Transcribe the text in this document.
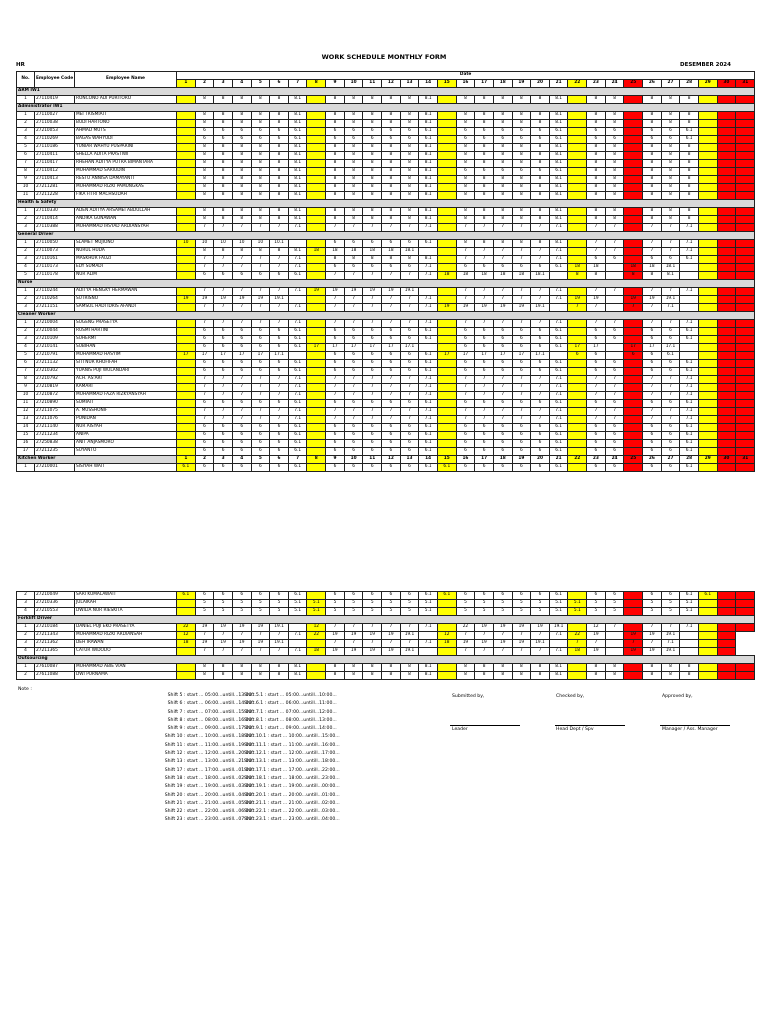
WORK SCHEDULE MONTHLY FORM
HR	DESEMBER 2024
No.	Employee Code	Employee Name	Date																														
			1	2	3	4	5	6	7	8	9	10	11	12	13	14	15	16	17	18	19	20	21	22	23	24	25	26	27	28	29	30	31
ARM IW1																																	
1	27110419	RONCONO ADI PURITORO		8	8	8	8	8	8.1		8	8	8	8	8	8.1		8	8	8	8	8	8.1		8	8		8	8	8			
Administrator IW1																																	
1	27110027	MEI TRISMIATI		8	8	8	8	8	8.1		8	8	8	8	8	8.1		8	8	8	8	8	8.1		8	8		8	8	8			
2	27110038	BUDI HARTONO		8	8	8	8	8	8.1		8	8	8	8	8	8.1		8	8	8	8	8	8.1		8	8		8	8	8			
3	27210053	AHMAD MUTS		6	6	6	6	6	6.1		6	6	6	6	6	6.1		6	6	6	6	6	6.1		6	6		6	6	6.1			
4	27110269	BAGAS WAHYUDI		6	6	6	6	6	6.1		6	6	6	6	6	6.1		6	6	6	6	6	6.1		6	6		6	6	6.1			
5	27110186	YUNIAR WAHYU PUSPARINI		8	8	8	8	8	8.1		8	8	8	8	8	8.1		8	8	8	8	8	8.1		8	8		8	8	8			
6	27110411	SHELLA ADITA PRASTIWI		8	8	8	8	8	8.1		8	8	8	8	8	8.1		8	8	8	8	8	8.1		8	8		8	8	8			
7	27110417	RHEHAN ADITYA PUTRA BIMANTARA		8	8	8	8	8	8.1		8	8	8	8	8	8.1		8	8	8	8	8	8.1		8	8		8	8	8			
8	27110412	MUHAMMAD SARIUDIN		8	8	8	8	8	8.1		8	8	8	8	8	8.1		6	6	6	6	6	6.1		8	8		8	8	8			
9	27110413	RESTU ANNISA DAMAYANTI		8	8	8	8	8	8.1		8	8	8	8	8	8.1		8	8	8	8	8	8.1		8	8		8	8	8			
10	27211281	MUHAMMAD RIZKI PAMUNGKAS		8	8	8	8	8	8.1		8	8	8	8	8	8.1		8	8	8	8	8	8.1		8	8		8	8	8			
11	27211228	FIKA FITRI MACHSUDAH		8	8	8	8	8	8.1		8	8	8	8	8	8.1		8	8	8	8	8	8.1		8	8		8	8	8			
Health & Safety																																	
1	27110330	ADEN ADITYA ARSAMEI ABDULLAH		8	8	8	8	8	8.1		8	8	8	8	8	8.1		8	8	8	8	8	8.1		8	8		8	8	8			
2	27110414	ANDIKA GUNAWAN		8	8	8	8	8	8.1		8	8	8	8	8	8.1		8	8	8	8	8	8.1		8	8		8	8	8			
3	27110388	MUHAMMAD IRSYAD ARDIANSYAH		7	7	7	7	7	7.1		7	7	7	7	7	7.1		7	7	7	7	7	7.1		7	7		7	7	7.1			
General Driver																																	
1	27110050	SLAMET MUJIONO	10	10	10	10	10	10.1			6	6	6	6	6	6.1		8	8	8	8	8	8.1		7	7		7	7	7.1			
2	27110073	NURUL HUDA		8	8	8	8	8	8.1	18	18	18	18	18	18.1			7	7	7	7	7	7.1		7	7		7	7	7.1			
3	27110161	MASKHUR FAUZI		7	7	7	7	7	7.1		8	8	8	8	8	8.1		7	7	7	7	7	7.1		6	6		6	6	6.1			
4	27110173	EDY SUMADI		7	7	7	7	7	7.1		6	6	6	6	6	7.1		6	6	6	6	6	6.1	18	18		18	18	18.1				
5	27110178	NUR ALIM		6	6	6	6	6	6.1		7	7	7	7	7	7.1	18	18	18	18	18	18.1		8	8		8	8	8.1				
Nurse																																	
1	27110244	ADITYA HENGKY HERMAWAN		7	7	7	7	7	7.1	19	19	19	19	19	19.1			7	7	7	7	7	7.1		7	7		7	7	7.1			
2	27110264	SUTRISNO	19	19	19	19	19	19.1			7	7	7	7	7	7.1		7	7	7	7	7	7.1	19	19		19	19	19.1				
3	27211151	SAMSUL HADI IDRIS AFANDI		7	7	7	7	7	7.1		7	7	7	7	7	7.1	19	19	19	19	19	19.1		7	7		7	7	7.1				
Cleaner Worker																																	
1	27210004	SUGENG PRASETYA		7	7	7	7	7	7.1		7	7	7	7	7	7.1		7	7	7	7	7	7.1		7	7		7	7	7.1			
2	27210044	RUSMI HARTINI		6	6	6	6	6	6.1		6	6	6	6	6	6.1		6	6	6	6	6	6.1		6	6		6	6	6.1			
3	27210109	SUHERMI		6	6	6	6	6	6.1		6	6	6	6	6	6.1		6	6	6	6	6	6.1		6	6		6	6	6.1			
4	27210141	SUBIHAN		6	6	6	6	6	6.1	17	17	17	17	17	17.1			6	6	6	6	6	6.1	17	17		17	17	17.1				
5	27210791	MUHAMMAD HASYIM	17	17	17	17	17	17.1			6	6	6	6	6	6.1	17	17	17	17	17	17.1		6	6		6	6	6.1				
6	27211132	SITI NUR KHOFIFAH		6	6	6	6	6	6.1		6	6	6	6	6	6.1		6	6	6	6	6	6.1		6	6		6	6	6.1			
7	27210302	YUANIS PUJI WULANDARI		6	6	6	6	6	6.1		6	6	6	6	6	6.1		6	6	6	6	6	6.1		6	6		6	6	6.1			
8	27210792	ACH. AS'ARI		7	7	7	7	7	7.1		7	7	7	7	7	7.1		7	7	7	7	7	7.1		7	7		7	7	7.1			
9	27210819	KAMARI		7	7	7	7	7	7.1		7	7	7	7	7	7.1		7	7	7	7	7	7.1		7	7		7	7	7.1			
10	27210872	MUHAMMAD FAZA RIZKYANSYAH		7	7	7	7	7	7.1		7	7	7	7	7	7.1		7	7	7	7	7	7.1		7	7		7	7	7.1			
11	27210890	SUMIATI		6	6	6	6	6	6.1		6	6	6	6	6	6.1		6	6	6	6	6	6.1		6	6		6	6	6.1			
12	27211075	A. MUSSHONIF		7	7	7	7	7	7.1		7	7	7	7	7	7.1		7	7	7	7	7	7.1		7	7		7	7	7.1			
13	27211076	PONIDAN		7	7	7	7	7	7.1		7	7	7	7	7	7.1		7	7	7	7	7	7.1		7	7		7	7	7.1			
14	27211140	NUR AISYAH		6	6	6	6	6	6.1		6	6	6	6	6	6.1		6	6	6	6	6	6.1		6	6		6	6	6.1			
15	27211234	ANIPA		6	6	6	6	6	6.1		6	6	6	6	6	6.1		6	6	6	6	6	6.1		6	6		6	6	6.1			
16	27250838	ANIT ANJASMORO		6	6	6	6	6	6.1		6	6	6	6	6	6.1		6	6	6	6	6	6.1		6	6		6	6	6.1			
17	27211235	SUYANTO		6	6	6	6	6	6.1		6	6	6	6	6	6.1		6	6	6	6	6	6.1		6	6		6	6	6.1			
Kitchen Worker			1	2	3	4	5	6	7	8	9	10	11	12	13	14	15	16	17	18	19	20	21	22	23	24	25	26	27	28	29	30	31
1	27210001	SISIYAH WATI	6.1	6	6	6	6	6	6.1		6	6	6	6	6	6.1	6.1	6	6	6	6	6	6.1		6	6		6	6	6.1			
2	27210049	SARI KUMALAWATI	6.1	6	6	6	6	6	6.1		6	6	6	6	6	6.1	6.1	6	6	6	6	6	6.1		6	6		6	6	6.1	6.1		
3	27210336	JULAIKAH		5	5	5	5	5	5.1	5.1	5	5	5	5	5	5.1		5	5	5	5	5	5.1	5.1	5	5		5	5	5.1			
4	27210553	DWILIA NUR RIESKITA		5	5	5	5	5	5.1	5.1	5	5	5	5	5	5.1		5	5	5	5	5	5.1	5.1	5	5		5	5	5.1			
Forklift Driver																																	
1	27210184	DANIEL PUJI EKO PRASETYA	22	19	19	19	19	19.1		12	7	7	7	7	7	7.1		22	19	19	19	19	19.1		12	7		7	7	7.1			
2	27211343	MUHAMMAD RIZKI ARDIANSAH	12	7	7	7	7	7	7.1	22	19	19	19	19	19.1		12	7	7	7	7	7	7.1	22	19		19	19	19.1				
3	27211362	DEH IRAWAN	18	19	19	19	19	19.1			7	7	7	7	7	7.1	18	19	19	19	19	19.1		7	7		7	7	7.1				
4	27211365	CATUR WIDODO		7	7	7	7	7	7.1	18	19	19	19	19	19.1			7	7	7	7	7	7.1	18	19		19	19	19.1				
Outsourcing																																	
1	27610087	MUHAMMAD ABIE VIAN		8	8	8	8	8	8.1		8	8	8	8	8	8.1		8	8	8	8	8	8.1		8	8		8	8	8			
2	27611088	DWI PURNAMA		8	8	8	8	8	8.1		8	8	8	8	8	8.1		8	8	8	8	8	8.1		8	8		8	8	8			
Note :
Shift 5 : start ... 05:00...untill...13:00...
Shift 6 : start ... 06:00...untill...14:00...
Shift 7 : start ... 07:00...untill...15:00...
Shift 8 : start ... 08:00...untill...16:00...
Shift 9 : start ... 09:00...untill...17:00...
Shift 10 : start ... 10:00...untill...18:00...
Shift 11 : start ... 11:00...untill...19:00...
Shift 12 : start ... 12:00...untill...20:00...
Shift 13 : start ... 13:00...untill...21:00...
Shift 17 : start ... 17:00...untill...01:00...
Shift 18 : start ... 18:00...untill...02:00...
Shift 19 : start ... 19:00...untill...03:00...
Shift 20 : start ... 20:00...untill...04:00...
Shift 21 : start ... 21:00...untill...05:00...
Shift 22 : start ... 22:00...untill...06:00...
Shift 23 : start ... 23:00...untill...07:00...
Shift 5.1 : start ... 05:00...untill...10:00...
Shift 6.1 : start ... 06:00...untill...11:00...
Shift 7.1 : start ... 07:00...untill...12:00...
Shift 8.1 : start ... 08:00...untill...13:00...
Shift 9.1 : start ... 09:00...untill...14:00...
Shift 10.1 : start ... 10:00...untill...15:00...
Shift 11.1 : start ... 11:00...untill...16:00...
Shift 12.1 : start ... 12:00...untill...17:00...
Shift 13.1 : start ... 13:00...untill...18:00...
Shift 17.1 : start ... 17:00...untill...22:00...
Shift 18.1 : start ... 18:00...untill...23:00...
Shift 19.1 : start ... 19:00...untill...00:00...
Shift 20.1 : start ... 20:00...untill...01:00...
Shift 21.1 : start ... 21:00...untill...02:00...
Shift 22.1 : start ... 22:00...untill...03:00...
Shift 23.1 : start ... 23:00...untill...04:00...
Submitted by,	Checked by,	Approved by,
Leader	Head Dept / Spv	Manager / Ass. Manager
